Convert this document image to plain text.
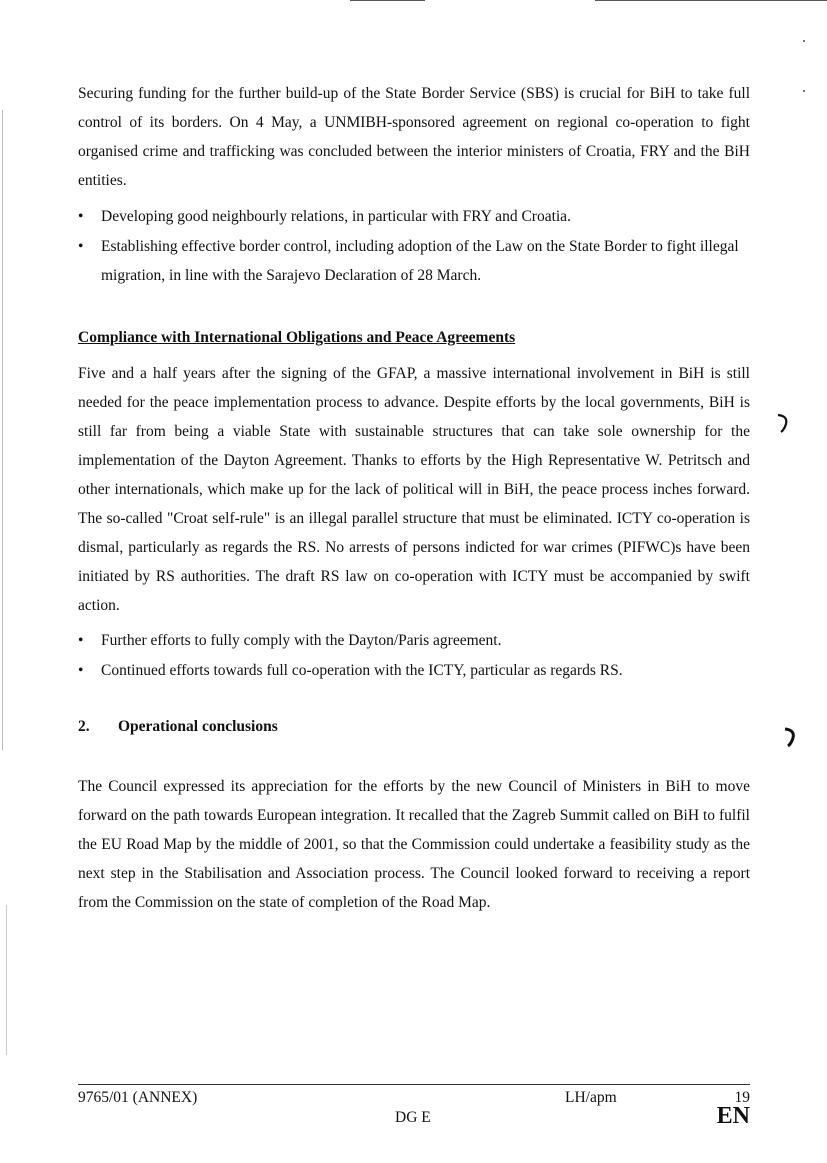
Securing funding for the further build-up of the State Border Service (SBS) is crucial for BiH to take full control of its borders. On 4 May, a UNMIBH-sponsored agreement on regional co-operation to fight organised crime and trafficking was concluded between the interior ministers of Croatia, FRY and the BiH entities.

• Developing good neighbourly relations, in particular with FRY and Croatia.
• Establishing effective border control, including adoption of the Law on the State Border to fight illegal migration, in line with the Sarajevo Declaration of 28 March.
Compliance with International Obligations and Peace Agreements

Five and a half years after the signing of the GFAP, a massive international involvement in BiH is still needed for the peace implementation process to advance. Despite efforts by the local governments, BiH is still far from being a viable State with sustainable structures that can take sole ownership for the implementation of the Dayton Agreement. Thanks to efforts by the High Representative W. Petritsch and other internationals, which make up for the lack of political will in BiH, the peace process inches forward. The so-called "Croat self-rule" is an illegal parallel structure that must be eliminated. ICTY co-operation is dismal, particularly as regards the RS. No arrests of persons indicted for war crimes (PIFWC)s have been initiated by RS authorities. The draft RS law on co-operation with ICTY must be accompanied by swift action.

• Further efforts to fully comply with the Dayton/Paris agreement.
• Continued efforts towards full co-operation with the ICTY, particular as regards RS.
2. Operational conclusions

The Council expressed its appreciation for the efforts by the new Council of Ministers in BiH to move forward on the path towards European integration. It recalled that the Zagreb Summit called on BiH to fulfil the EU Road Map by the middle of 2001, so that the Commission could undertake a feasibility study as the next step in the Stabilisation and Association process. The Council looked forward to receiving a report from the Commission on the state of completion of the Road Map.

9765/01 (ANNEX)	LH/apm	19
DG E	EN
